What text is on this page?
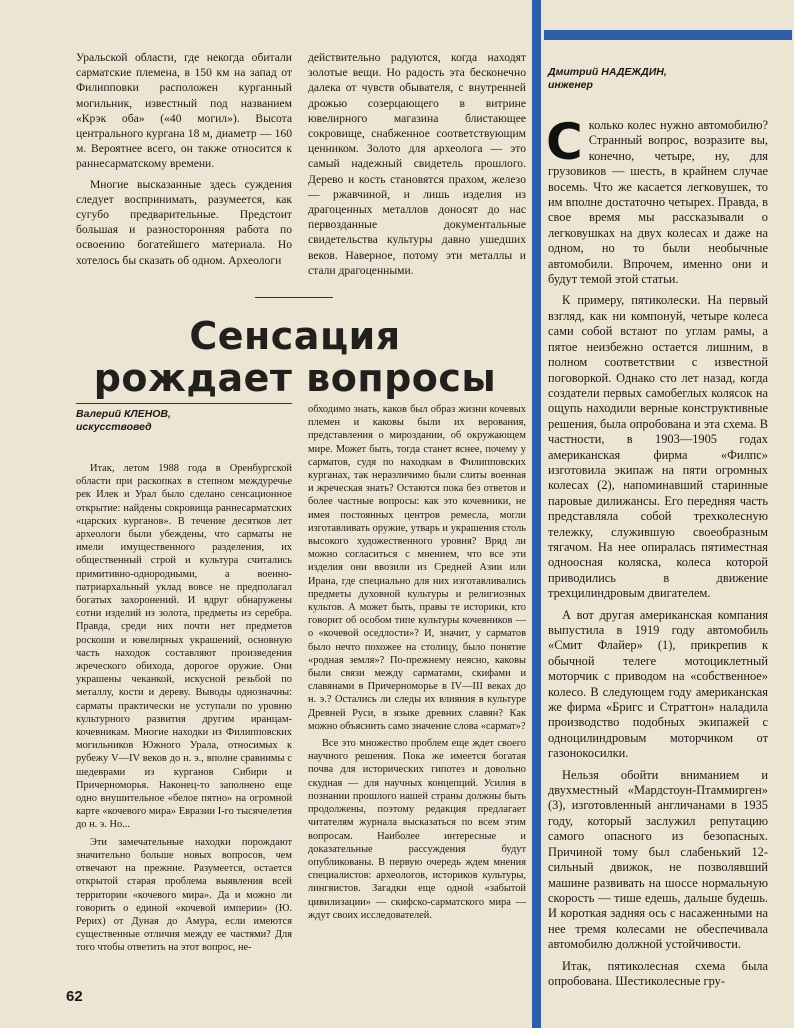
Уральской области, где некогда обитали сарматские племена, в 150 км на запад от Филипповки расположен курганный могильник, известный под названием «Крэк оба» («40 могил»). Высота центрального кургана 18 м, диаметр — 160 м. Вероятнее всего, он также относится к раннесарматскому времени.

Многие высказанные здесь суждения следует воспринимать, разумеется, как сугубо предварительные. Предстоит большая и разносторонняя работа по освоению богатейшего материала. Но хотелось бы сказать об одном. Археологи

действительно радуются, когда находят золотые вещи. Но радость эта бесконечно далека от чувств обывателя, с внутренней дрожью созерцающего в витрине ювелирного магазина блистающее сокровище, снабженное соответствующим ценником. Золото для археолога — это самый надежный свидетель прошлого. Дерево и кость становятся прахом, железо — ржавчиной, и лишь изделия из драгоценных металлов доносят до нас первозданные документальные свидетельства культуры давно ушедших веков. Наверное, потому эти металлы и стали драгоценными.

Сенсация
рождает вопросы
Валерий КЛЕНОВ,
искусствовед

Итак, летом 1988 года в Оренбургской области при раскопках в степном междуречье рек Илек и Урал было сделано сенсационное открытие: найдены сокровища раннесарматских «царских курганов». В течение десятков лет археологи были убеждены, что сарматы не имели имущественного разделения, их общественный строй и культура считались примитивно-однородными, а военно-патриархальный уклад вовсе не предполагал богатых захоронений. И вдруг обнаружены сотни изделий из золота, предметы из серебра. Правда, среди них почти нет предметов роскоши и ювелирных украшений, основную часть находок составляют произведения жреческого обихода, дорогое оружие. Они украшены чеканкой, искусной резьбой по металлу, кости и дереву. Выводы однозначны: сарматы практически не уступали по уровню культурного развития другим иранцам-кочевникам. Многие находки из Филипповских могильников Южного Урала, относимых к рубежу V—IV веков до н. э., вполне сравнимы с шедеврами из курганов Сибири и Причерноморья. Наконец-то заполнено еще одно внушительное «белое пятно» на огромной карте «кочевого мира» Евразии I-го тысячелетия до н. э. Но...

Эти замечательные находки порождают значительно больше новых вопросов, чем отвечают на прежние. Разумеется, остается открытой старая проблема выявления всей территории «кочевого мира». Да и можно ли говорить о единой «кочевой империи» (Ю. Рерих) от Дуная до Амура, если имеются существенные отличия между ее частями? Для того чтобы ответить на этот вопрос, не-

обходимо знать, каков был образ жизни кочевых племен и каковы были их верования, представления о мироздании, об окружающем мире. Может быть, тогда станет яснее, почему у сарматов, судя по находкам в Филипповских курганах, так неразличимо были слиты военная и жреческая знать? Остаются пока без ответов и более частные вопросы: как это кочевники, не имея постоянных центров ремесла, могли изготавливать оружие, утварь и украшения столь высокого художественного уровня? Вряд ли можно согласиться с мнением, что все эти изделия они ввозили из Средней Азии или Ирана, где специально для них изготавливались предметы духовной культуры и религиозных культов. А может быть, правы те историки, кто говорит об особом типе культуры кочевников — о «кочевой оседлости»? И, значит, у сарматов было нечто похожее на столицу, было понятие «родная земля»? По-прежнему неясно, каковы были связи между сарматами, скифами и славянами в Причерноморье в IV—III веках до н. э.? Остались ли следы их влияния в культуре Древней Руси, в языке древних славян? Как можно объяснить само значение слова «сармат»?

Все это множество проблем еще ждет своего научного решения. Пока же имеется богатая почва для исторических гипотез и довольно скудная — для научных концепций. Усилия в познании прошлого нашей страны должны быть продолжены, поэтому редакция предлагает читателям журнала высказаться по всем этим вопросам. Наиболее интересные и доказательные рассуждения будут опубликованы. В первую очередь ждем мнения специалистов: археологов, историков культуры, лингвистов. Загадки еще одной «забытой цивилизации» — скифско-сарматского мира — ждут своих исследователей.

Дмитрий НАДЕЖДИН,
инженер

Сколько колес нужно автомобилю? Странный вопрос, возразите вы, конечно, четыре, ну, для грузовиков — шесть, в крайнем случае восемь. Что же касается легковушек, то им вполне достаточно четырех. Правда, в свое время мы рассказывали о легковушках на двух колесах и даже на одном, но то были необычные автомобили. Впрочем, именно они и будут темой этой статьи.

К примеру, пятиколески. На первый взгляд, как ни компонуй, четыре колеса сами собой встают по углам рамы, а пятое неизбежно остается лишним, в полном соответствии с известной поговоркой. Однако сто лет назад, когда создатели первых самобеглых колясок на ощупь находили верные конструктивные решения, была опробована и эта схема. В частности, в 1903—1905 годах американская фирма «Филпс» изготовила экипаж на пяти огромных колесах (2), напоминавший старинные паровые дилижансы. Его передняя часть представляла собой трехколесную тележку, служившую своеобразным тягачом. На нее опиралась пятиместная одноосная коляска, колеса которой приводились в движение трехцилиндровым двигателем.

А вот другая американская компания выпустила в 1919 году автомобиль «Смит Флайер» (1), прикрепив к обычной телеге мотоциклетный моторчик с приводом на «собственное» колесо. В следующем году американская же фирма «Бригс и Страттон» наладила производство подобных экипажей с одноцилиндровым моторчиком от газонокосилки.

Нельзя обойти вниманием и двухместный «Мардстоун-Птаммирген» (3), изготовленный англичанами в 1935 году, который заслужил репутацию самого опасного из безопасных. Причиной тому был слабенький 12-сильный движок, не позволявший машине развивать на шоссе нормальную скорость — тише едешь, дальше будешь. И короткая задняя ось с насаженными на нее тремя колесами не обеспечивала автомобилю должной устойчивости.

Итак, пятиколесная схема была опробована. Шестиколесные гру-

62
